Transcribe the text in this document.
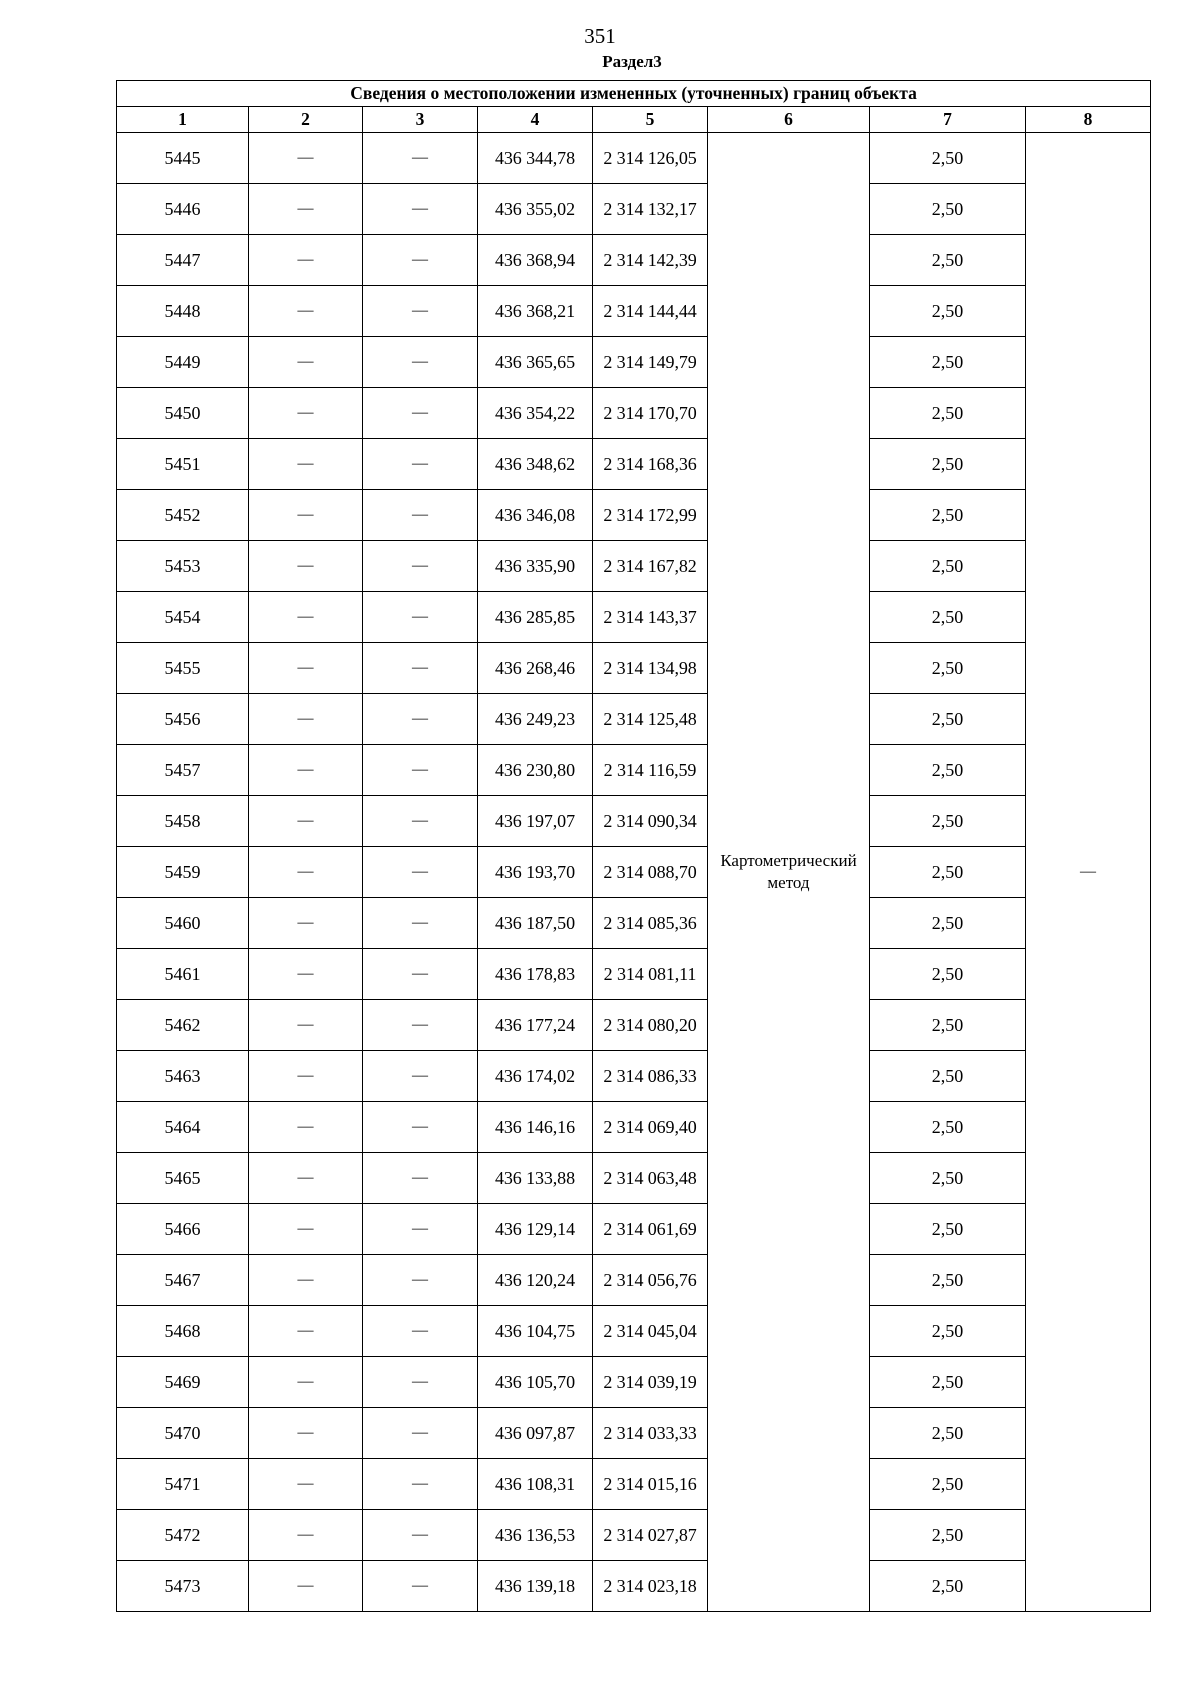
351
Раздел3
Сведения о местоположении измененных (уточненных) границ объекта							
1	2	3	4	5	6	7	8
5445	—	—	436 344,78	2 314 126,05	Картометрический метод	2,50	—
5446	—	—	436 355,02	2 314 132,17		2,50	
5447	—	—	436 368,94	2 314 142,39		2,50	
5448	—	—	436 368,21	2 314 144,44		2,50	
5449	—	—	436 365,65	2 314 149,79		2,50	
5450	—	—	436 354,22	2 314 170,70		2,50	
5451	—	—	436 348,62	2 314 168,36		2,50	
5452	—	—	436 346,08	2 314 172,99		2,50	
5453	—	—	436 335,90	2 314 167,82		2,50	
5454	—	—	436 285,85	2 314 143,37		2,50	
5455	—	—	436 268,46	2 314 134,98		2,50	
5456	—	—	436 249,23	2 314 125,48		2,50	
5457	—	—	436 230,80	2 314 116,59		2,50	
5458	—	—	436 197,07	2 314 090,34		2,50	
5459	—	—	436 193,70	2 314 088,70		2,50	
5460	—	—	436 187,50	2 314 085,36		2,50	
5461	—	—	436 178,83	2 314 081,11		2,50	
5462	—	—	436 177,24	2 314 080,20		2,50	
5463	—	—	436 174,02	2 314 086,33		2,50	
5464	—	—	436 146,16	2 314 069,40		2,50	
5465	—	—	436 133,88	2 314 063,48		2,50	
5466	—	—	436 129,14	2 314 061,69		2,50	
5467	—	—	436 120,24	2 314 056,76		2,50	
5468	—	—	436 104,75	2 314 045,04		2,50	
5469	—	—	436 105,70	2 314 039,19		2,50	
5470	—	—	436 097,87	2 314 033,33		2,50	
5471	—	—	436 108,31	2 314 015,16		2,50	
5472	—	—	436 136,53	2 314 027,87		2,50	
5473	—	—	436 139,18	2 314 023,18		2,50	
